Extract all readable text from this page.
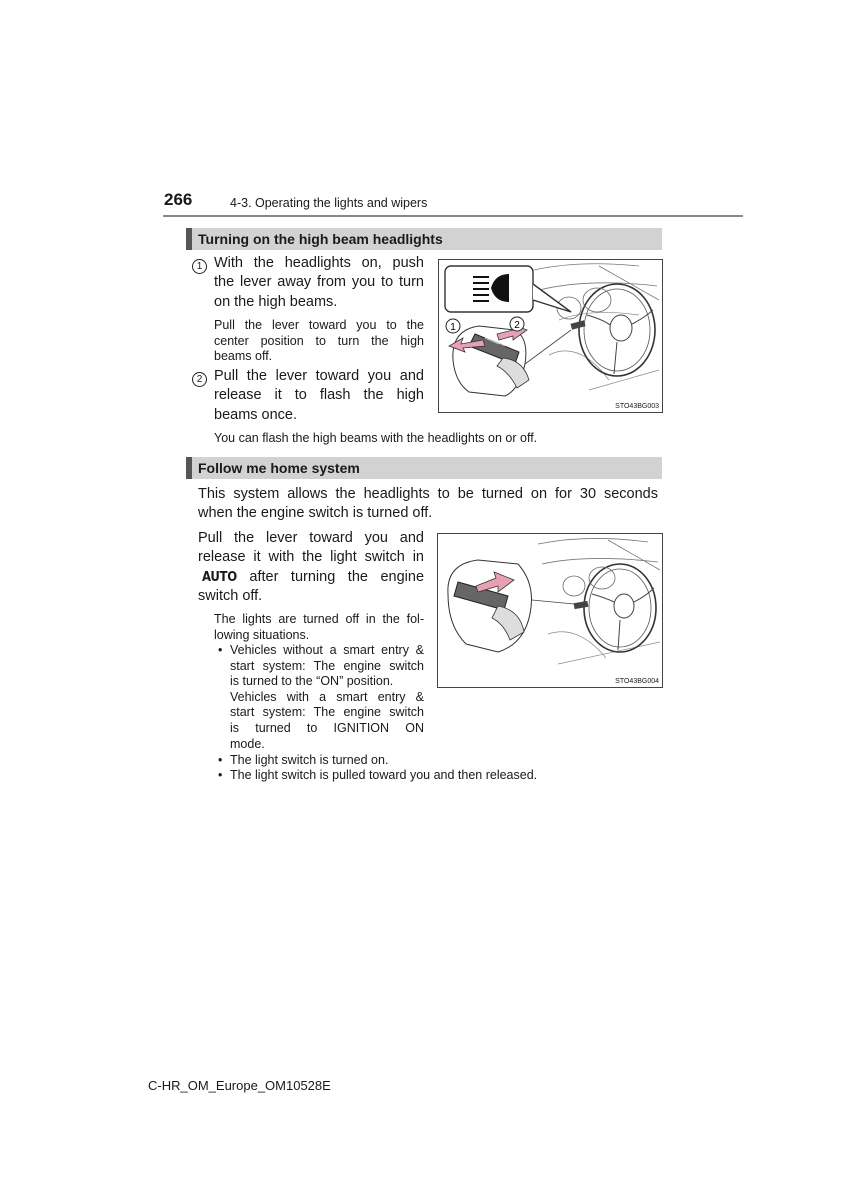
266	4-3. Operating the lights and wipers
Turning on the high beam headlights
1 With the headlights on, push
the lever away from you to turn
on the high beams.
Pull the lever toward you to the
center position to turn the high
beams off.
2 Pull the lever toward you and
release it to flash the high
beams once.
You can flash the high beams with the headlights on or off.
1	2
STO43BG003
Follow me home system
This system allows the headlights to be turned on for 30 seconds
when the engine switch is turned off.
Pull the lever toward you and
release it with the light switch in
AUTO after turning the engine
switch off.
The lights are turned off in the fol-
lowing situations.
• Vehicles without a smart entry &
start system: The engine switch
is turned to the “ON” position.
Vehicles with a smart entry &
start system: The engine switch
is turned to IGNITION ON
mode.
• The light switch is turned on.
• The light switch is pulled toward you and then released.
STO43BG004
C-HR_OM_Europe_OM10528E
